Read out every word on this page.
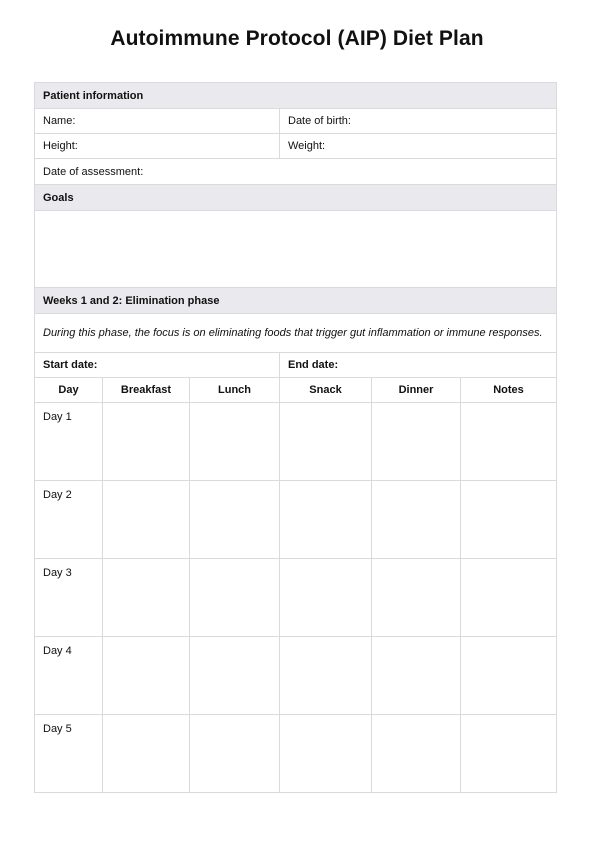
Autoimmune Protocol (AIP) Diet Plan
Patient information
Name:	Date of birth:
Height:	Weight:
Date of assessment:
Goals
Weeks 1 and 2: Elimination phase
During this phase, the focus is on eliminating foods that trigger gut inflammation or immune responses.
Start date:	End date:
Day	Breakfast	Lunch	Snack	Dinner	Notes
Day 1
Day 2
Day 3
Day 4
Day 5
